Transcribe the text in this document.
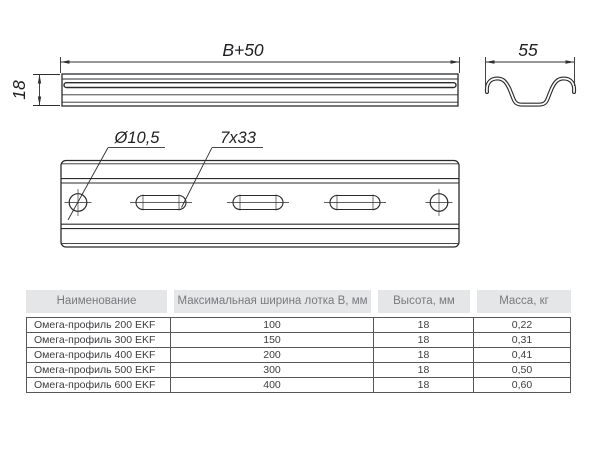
B+50
18
55
Ø10,5	7x33
Наименование	Максимальная ширина лотка В, мм	Высота, мм	Масса, кг
Омега-профиль 200 EKF	100	18	0,22
Омега-профиль 300 EKF	150	18	0,31
Омега-профиль 400 EKF	200	18	0,41
Омега-профиль 500 EKF	300	18	0,50
Омега-профиль 600 EKF	400	18	0,60
